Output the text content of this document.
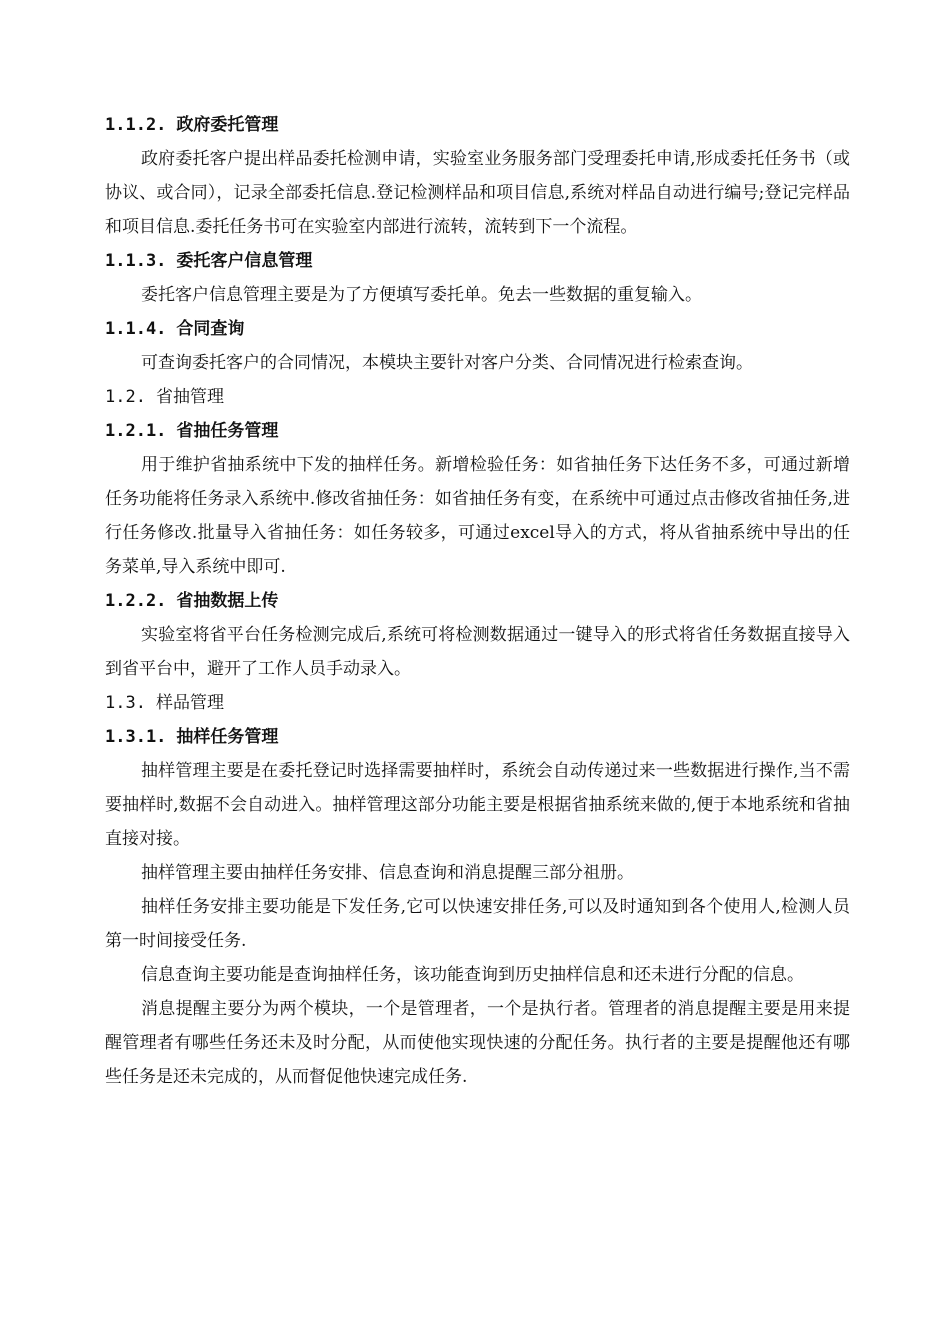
1.1.2. 政府委托管理

政府委托客户提出样品委托检测申请，实验室业务服务部门受理委托申请,形成委托任务书（或协议、或合同），记录全部委托信息.登记检测样品和项目信息,系统对样品自动进行编号;登记完样品和项目信息.委托任务书可在实验室内部进行流转，流转到下一个流程。

1.1.3. 委托客户信息管理

委托客户信息管理主要是为了方便填写委托单。免去一些数据的重复输入。

1.1.4. 合同查询

可查询委托客户的合同情况，本模块主要针对客户分类、合同情况进行检索查询。

1.2. 省抽管理
1.2.1. 省抽任务管理

用于维护省抽系统中下发的抽样任务。新增检验任务：如省抽任务下达任务不多，可通过新增任务功能将任务录入系统中.修改省抽任务：如省抽任务有变，在系统中可通过点击修改省抽任务,进行任务修改.批量导入省抽任务：如任务较多，可通过excel导入的方式，将从省抽系统中导出的任务菜单,导入系统中即可.

1.2.2. 省抽数据上传

实验室将省平台任务检测完成后,系统可将检测数据通过一键导入的形式将省任务数据直接导入到省平台中，避开了工作人员手动录入。

1.3. 样品管理
1.3.1. 抽样任务管理

抽样管理主要是在委托登记时选择需要抽样时，系统会自动传递过来一些数据进行操作,当不需要抽样时,数据不会自动进入。抽样管理这部分功能主要是根据省抽系统来做的,便于本地系统和省抽直接对接。

抽样管理主要由抽样任务安排、信息查询和消息提醒三部分祖册。

抽样任务安排主要功能是下发任务,它可以快速安排任务,可以及时通知到各个使用人,检测人员第一时间接受任务.

信息查询主要功能是查询抽样任务，该功能查询到历史抽样信息和还未进行分配的信息。

消息提醒主要分为两个模块，一个是管理者，一个是执行者。管理者的消息提醒主要是用来提醒管理者有哪些任务还未及时分配，从而使他实现快速的分配任务。执行者的主要是提醒他还有哪些任务是还未完成的，从而督促他快速完成任务.
